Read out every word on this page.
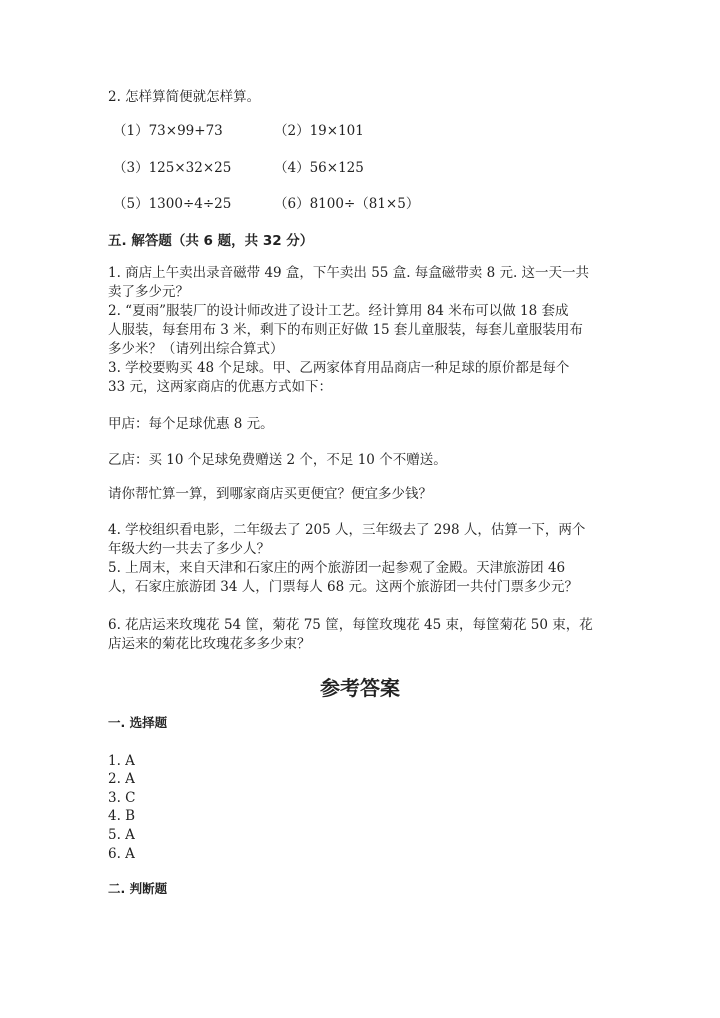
2. 怎样算简便就怎样算。
（1）73×99+73	（2）19×101
（3）125×32×25	（4）56×125
（5）1300÷4÷25	（6）8100÷（81×5）
五. 解答题（共 6 题，共 32 分）
1. 商店上午卖出录音磁带 49 盒，下午卖出 55 盒. 每盒磁带卖 8 元. 这一天一共
卖了多少元？
2. “夏雨”服装厂的设计师改进了设计工艺。经计算用 84 米布可以做 18 套成
人服装，每套用布 3 米，剩下的布则正好做 15 套儿童服装，每套儿童服装用布
多少米？（请列出综合算式）
3. 学校要购买 48 个足球。甲、乙两家体育用品商店一种足球的原价都是每个
33 元，这两家商店的优惠方式如下：
甲店：每个足球优惠 8 元。
乙店：买 10 个足球免费赠送 2 个，不足 10 个不赠送。
请你帮忙算一算，到哪家商店买更便宜？便宜多少钱？
4. 学校组织看电影，二年级去了 205 人，三年级去了 298 人，估算一下，两个
年级大约一共去了多少人？
5. 上周末，来自天津和石家庄的两个旅游团一起参观了金殿。天津旅游团 46
人，石家庄旅游团 34 人，门票每人 68 元。这两个旅游团一共付门票多少元？
6. 花店运来玫瑰花 54 筐，菊花 75 筐，每筐玫瑰花 45 束，每筐菊花 50 束，花
店运来的菊花比玫瑰花多多少束？
参考答案
一. 选择题
1. A
2. A
3. C
4. B
5. A
6. A
二. 判断题
